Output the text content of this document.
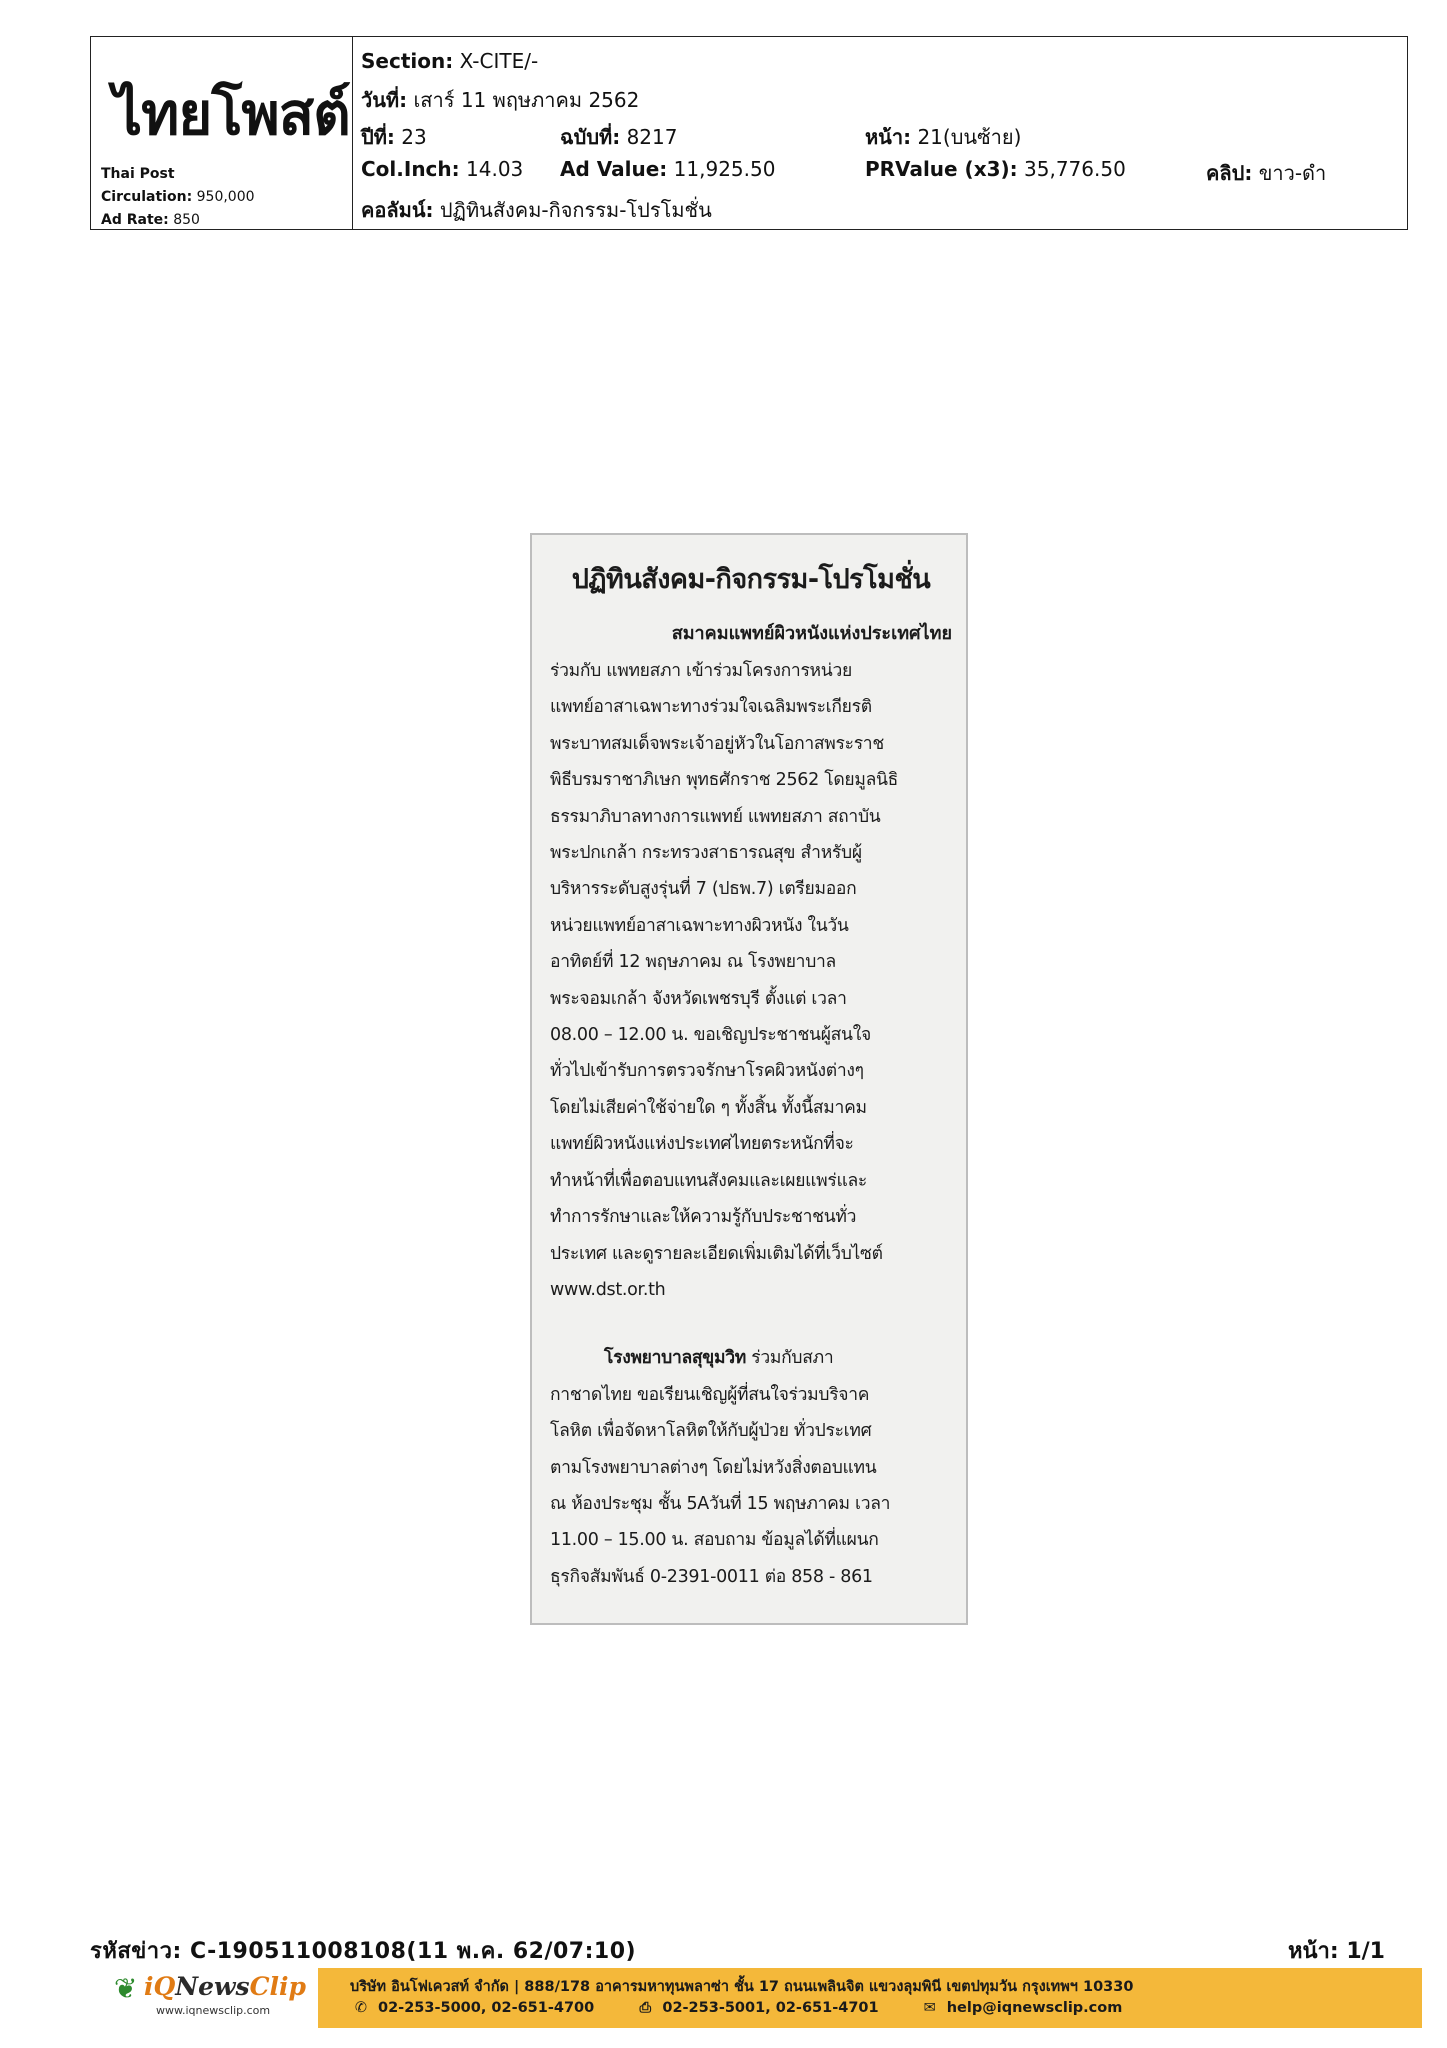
ไทยโพสต์
Thai Post
Circulation: 950,000
Ad Rate: 850
Section: X-CITE/-
วันที่: เสาร์ 11 พฤษภาคม 2562
ปีที่: 23	ฉบับที่: 8217	หน้า: 21(บนซ้าย)
Col.Inch: 14.03 Ad Value: 11,925.50	PRValue (x3): 35,776.50	คลิป: ขาว-ดำ
คอลัมน์: ปฏิทินสังคม-กิจกรรม-โปรโมชั่น
ปฏิทินสังคม-กิจกรรม-โปรโมชั่น
สมาคมแพทย์ผิวหนังแห่งประเทศไทย
ร่วมกับ แพทยสภา เข้าร่วมโครงการหน่วย
แพทย์อาสาเฉพาะทางร่วมใจเฉลิมพระเกียรติ
พระบาทสมเด็จพระเจ้าอยู่หัวในโอกาสพระราช
พิธีบรมราชาภิเษก พุทธศักราช 2562 โดยมูลนิธิ
ธรรมาภิบาลทางการแพทย์ แพทยสภา สถาบัน
พระปกเกล้า กระทรวงสาธารณสุข สำหรับผู้
บริหารระดับสูงรุ่นที่ 7 (ปธพ.7) เตรียมออก
หน่วยแพทย์อาสาเฉพาะทางผิวหนัง ในวัน
อาทิตย์ที่ 12 พฤษภาคม ณ โรงพยาบาล
พระจอมเกล้า จังหวัดเพชรบุรี ตั้งแต่ เวลา
08.00 – 12.00 น. ขอเชิญประชาชนผู้สนใจ
ทั่วไปเข้ารับการตรวจรักษาโรคผิวหนังต่างๆ
โดยไม่เสียค่าใช้จ่ายใด ๆ ทั้งสิ้น ทั้งนี้สมาคม
แพทย์ผิวหนังแห่งประเทศไทยตระหนักที่จะ
ทำหน้าที่เพื่อตอบแทนสังคมและเผยแพร่และ
ทำการรักษาและให้ความรู้กับประชาชนทั่ว
ประเทศ และดูรายละเอียดเพิ่มเติมได้ที่เว็บไซต์
www.dst.or.th
โรงพยาบาลสุขุมวิท ร่วมกับสภา
กาชาดไทย ขอเรียนเชิญผู้ที่สนใจร่วมบริจาค
โลหิต เพื่อจัดหาโลหิตให้กับผู้ป่วย ทั่วประเทศ
ตามโรงพยาบาลต่างๆ โดยไม่หวังสิ่งตอบแทน
ณ ห้องประชุม ชั้น 5Aวันที่ 15 พฤษภาคม เวลา
11.00 – 15.00 น. สอบถาม ข้อมูลได้ที่แผนก
ธุรกิจสัมพันธ์ 0-2391-0011 ต่อ 858 - 861
รหัสข่าว: C-190511008108(11 พ.ค. 62/07:10)	หน้า: 1/1
❦ iQNewsClip
www.iqnewsclip.com
บริษัท อินโฟเควสท์ จำกัด | 888/178 อาคารมหาทุนพลาซ่า ชั้น 17 ถนนเพลินจิต แขวงลุมพินี เขตปทุมวัน กรุงเทพฯ 10330
✆ 02-253-5000, 02-651-4700	⎙ 02-253-5001, 02-651-4701	✉ help@iqnewsclip.com
